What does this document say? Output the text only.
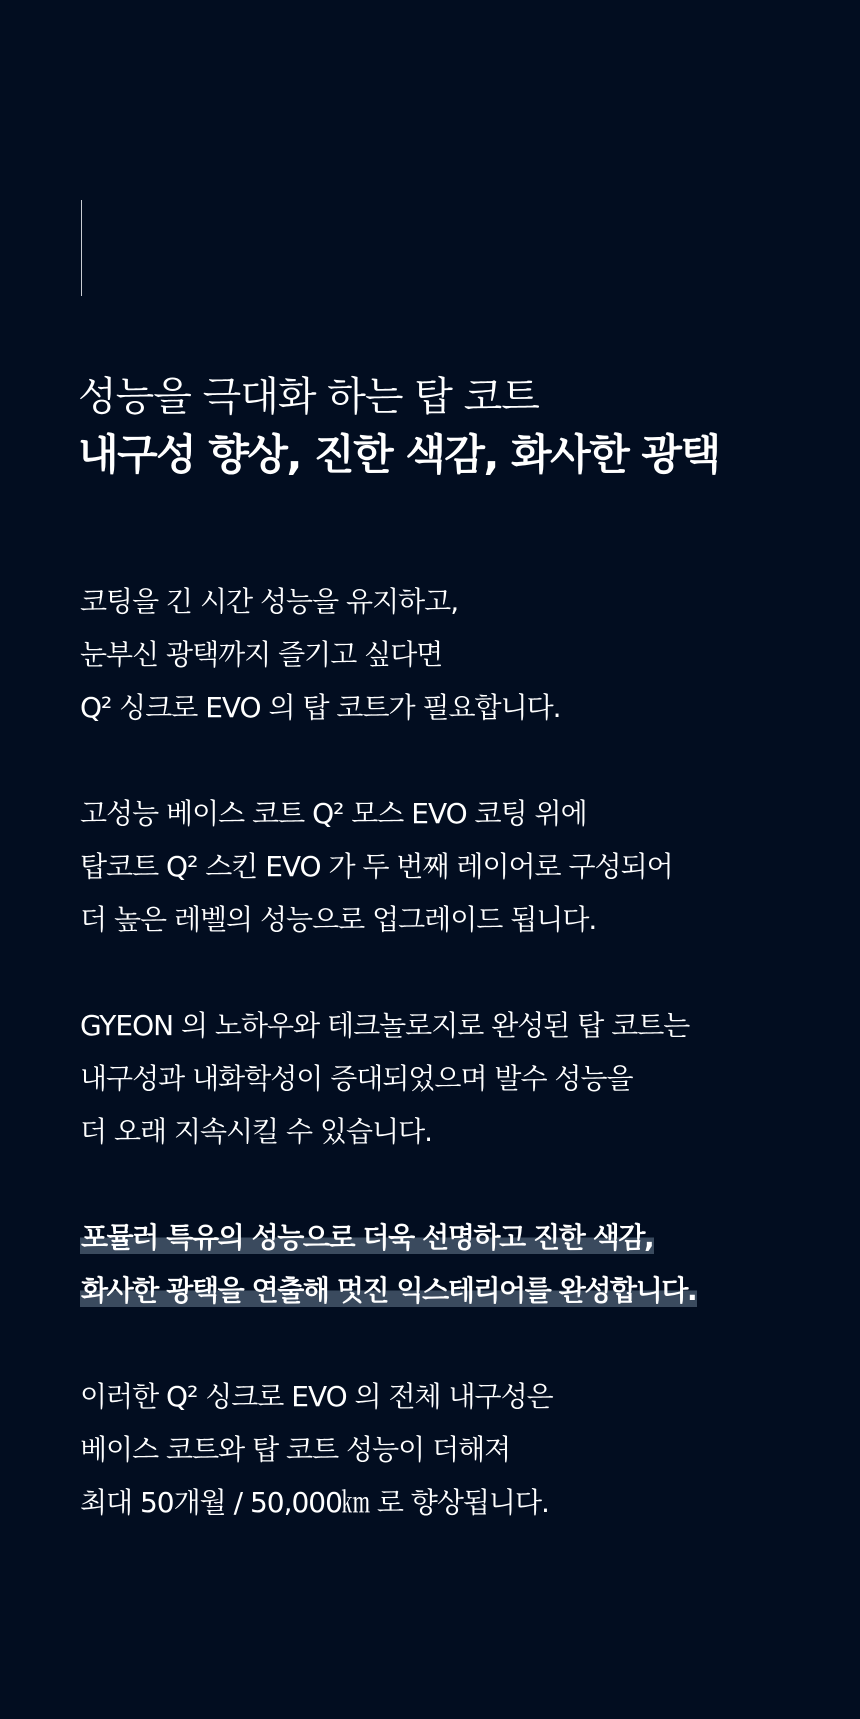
성능을 극대화 하는 탑 코트
내구성 향상, 진한 색감, 화사한 광택

코팅을 긴 시간 성능을 유지하고,
눈부신 광택까지 즐기고 싶다면
Q² 싱크로 EVO 의 탑 코트가 필요합니다.

고성능 베이스 코트 Q² 모스 EVO 코팅 위에
탑코트 Q² 스킨 EVO 가 두 번째 레이어로 구성되어
더 높은 레벨의 성능으로 업그레이드 됩니다.

GYEON 의 노하우와 테크놀로지로 완성된 탑 코트는
내구성과 내화학성이 증대되었으며 발수 성능을
더 오래 지속시킬 수 있습니다.

포뮬러 특유의 성능으로 더욱 선명하고 진한 색감,
화사한 광택을 연출해 멋진 익스테리어를 완성합니다.

이러한 Q² 싱크로 EVO 의 전체 내구성은
베이스 코트와 탑 코트 성능이 더해져
최대 50개월 / 50,000㎞ 로 향상됩니다.
